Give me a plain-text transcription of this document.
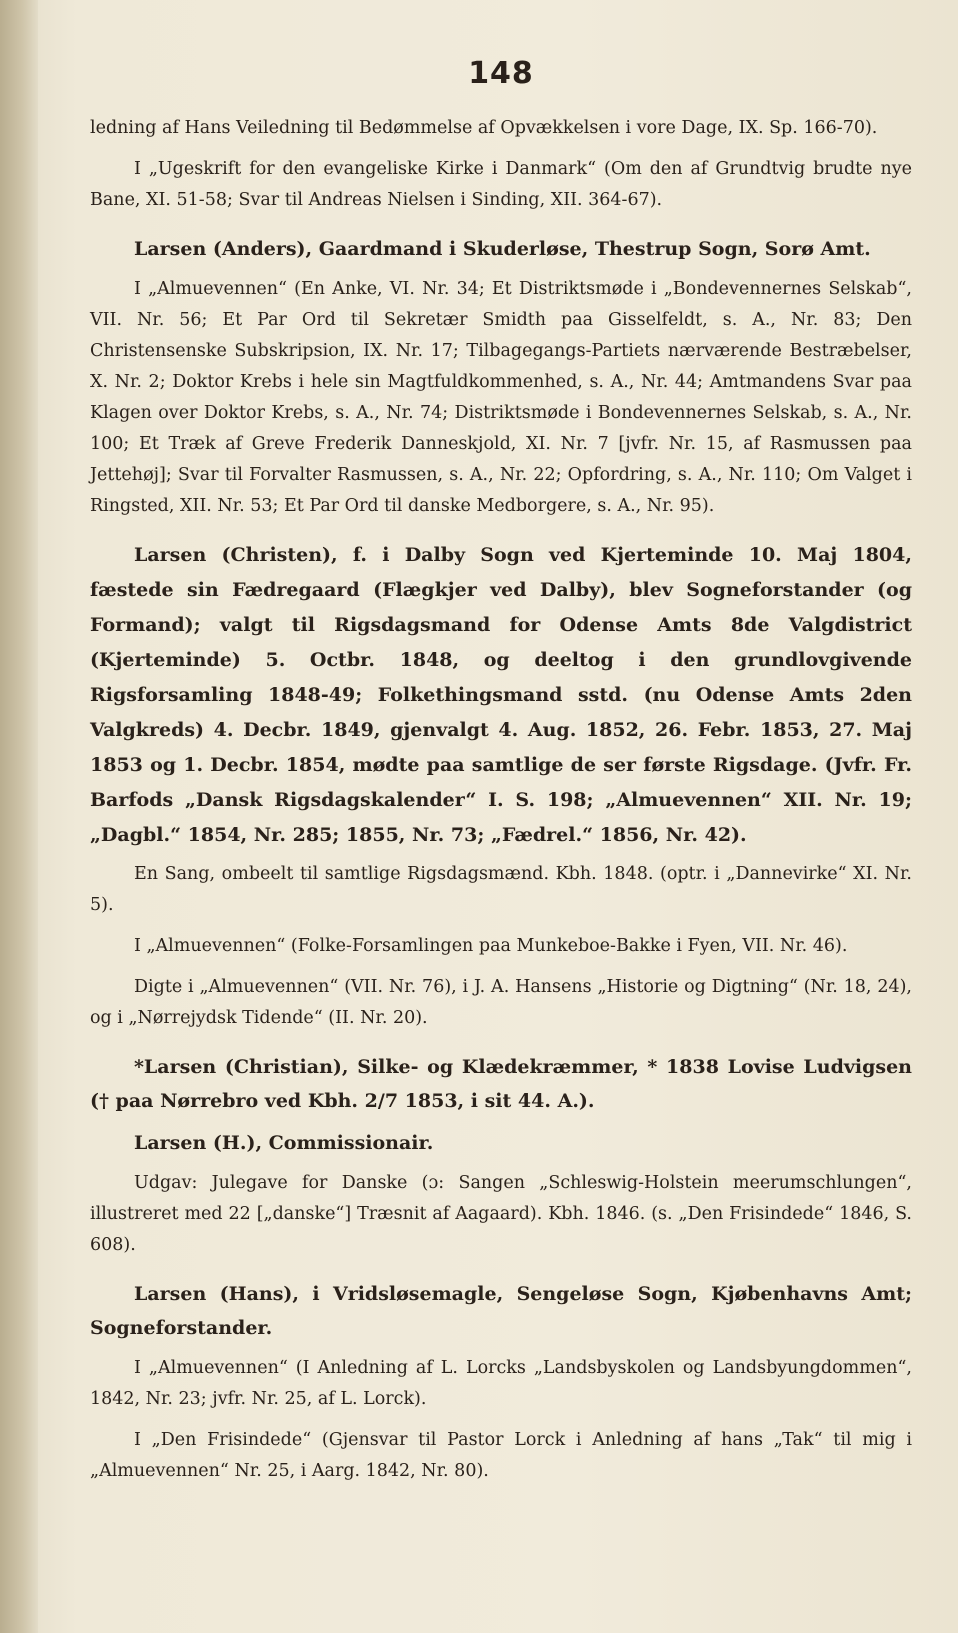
148

ledning af Hans Veiledning til Bedømmelse af Opvækkelsen i vore Dage, IX. Sp. 166-70).

I „Ugeskrift for den evangeliske Kirke i Danmark“ (Om den af Grundtvig brudte nye Bane, XI. 51-58; Svar til Andreas Nielsen i Sinding, XII. 364-67).

Larsen (Anders), Gaardmand i Skuderløse, Thestrup Sogn, Sorø Amt.

I „Almuevennen“ (En Anke, VI. Nr. 34; Et Distriktsmøde i „Bondevennernes Selskab“, VII. Nr. 56; Et Par Ord til Sekretær Smidth paa Gisselfeldt, s. A., Nr. 83; Den Christensenske Subskripsion, IX. Nr. 17; Tilbagegangs-Partiets nærværende Bestræbelser, X. Nr. 2; Doktor Krebs i hele sin Magtfuldkommenhed, s. A., Nr. 44; Amtmandens Svar paa Klagen over Doktor Krebs, s. A., Nr. 74; Distriktsmøde i Bondevennernes Selskab, s. A., Nr. 100; Et Træk af Greve Frederik Danneskjold, XI. Nr. 7 [jvfr. Nr. 15, af Rasmussen paa Jettehøj]; Svar til Forvalter Rasmussen, s. A., Nr. 22; Opfordring, s. A., Nr. 110; Om Valget i Ringsted, XII. Nr. 53; Et Par Ord til danske Medborgere, s. A., Nr. 95).

Larsen (Christen), f. i Dalby Sogn ved Kjerteminde 10. Maj 1804, fæstede sin Fædregaard (Flægkjer ved Dalby), blev Sogneforstander (og Formand); valgt til Rigsdagsmand for Odense Amts 8de Valgdistrict (Kjerteminde) 5. Octbr. 1848, og deeltog i den grundlovgivende Rigsforsamling 1848-49; Folkethingsmand sstd. (nu Odense Amts 2den Valgkreds) 4. Decbr. 1849, gjenvalgt 4. Aug. 1852, 26. Febr. 1853, 27. Maj 1853 og 1. Decbr. 1854, mødte paa samtlige de ser første Rigsdage. (Jvfr. Fr. Barfods „Dansk Rigsdagskalender“ I. S. 198; „Almuevennen“ XII. Nr. 19; „Dagbl.“ 1854, Nr. 285; 1855, Nr. 73; „Fædrel.“ 1856, Nr. 42).

En Sang, ombeelt til samtlige Rigsdagsmænd. Kbh. 1848. (optr. i „Dannevirke“ XI. Nr. 5).

I „Almuevennen“ (Folke-Forsamlingen paa Munkeboe-Bakke i Fyen, VII. Nr. 46).

Digte i „Almuevennen“ (VII. Nr. 76), i J. A. Hansens „Historie og Digtning“ (Nr. 18, 24), og i „Nørrejydsk Tidende“ (II. Nr. 20).

*Larsen (Christian), Silke- og Klædekræmmer, * 1838 Lovise Ludvigsen († paa Nørrebro ved Kbh. 2/7 1853, i sit 44. A.).

Larsen (H.), Commissionair.

Udgav: Julegave for Danske (ɔ: Sangen „Schleswig-Holstein meerumschlungen“, illustreret med 22 [„danske“] Træsnit af Aagaard). Kbh. 1846. (s. „Den Frisindede“ 1846, S. 608).

Larsen (Hans), i Vridsløsemagle, Sengeløse Sogn, Kjøbenhavns Amt; Sogneforstander.

I „Almuevennen“ (I Anledning af L. Lorcks „Landsbyskolen og Landsbyungdommen“, 1842, Nr. 23; jvfr. Nr. 25, af L. Lorck).

I „Den Frisindede“ (Gjensvar til Pastor Lorck i Anledning af hans „Tak“ til mig i „Almuevennen“ Nr. 25, i Aarg. 1842, Nr. 80).
